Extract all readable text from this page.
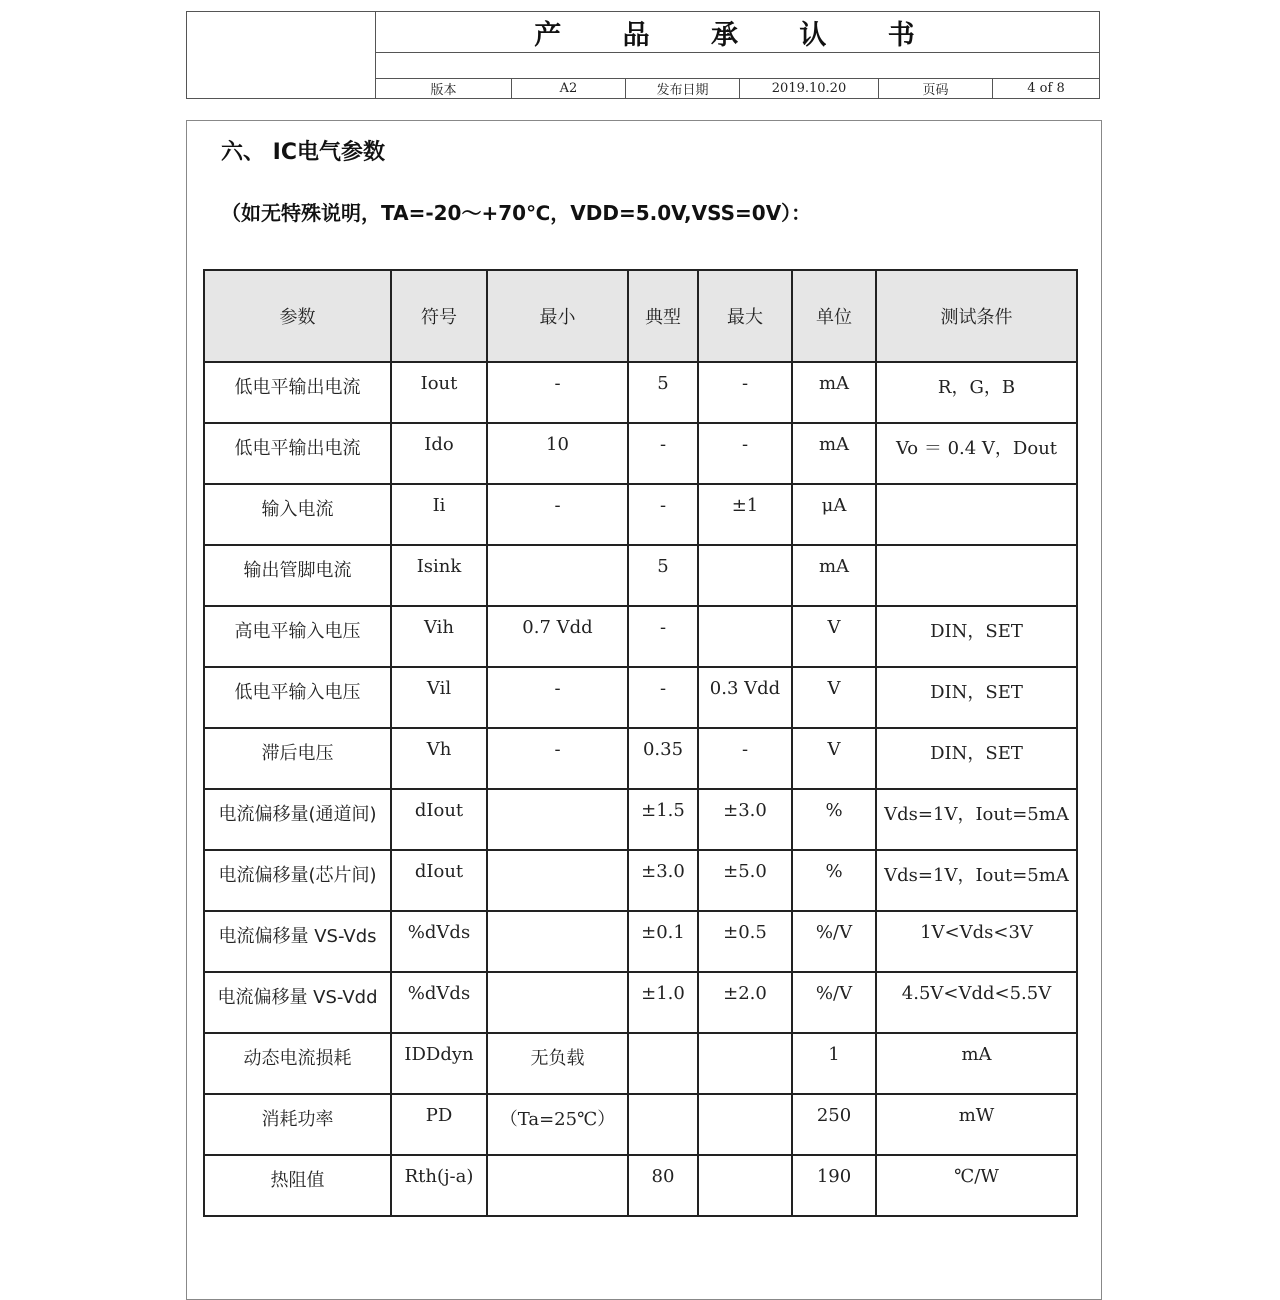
产 品 承 认 书
版本	A2	发布日期	2019.10.20	页码	4 of 8
六、 IC电气参数
（如无特殊说明，TA=-20～+70℃，VDD=5.0V,VSS=0V）：
参数	符号	最小	典型	最大	单位	测试条件
低电平输出电流	Iout	-	5	-	mA	R，G，B
低电平输出电流	Ido	10	-	-	mA	Vo ＝ 0.4 V，Dout
输入电流	Ii	-	-	±1	μA	
输出管脚电流	Isink		5		mA	
高电平输入电压	Vih	0.7 Vdd	-		V	DIN，SET
低电平输入电压	Vil	-	-	0.3 Vdd	V	DIN，SET
滞后电压	Vh	-	0.35	-	V	DIN，SET
电流偏移量(通道间)	dIout		±1.5	±3.0	%	Vds=1V，Iout=5mA
电流偏移量(芯片间)	dIout		±3.0	±5.0	%	Vds=1V，Iout=5mA
电流偏移量 VS-Vds	%dVds		±0.1	±0.5	%/V	1V<Vds<3V
电流偏移量 VS-Vdd	%dVds		±1.0	±2.0	%/V	4.5V<Vdd<5.5V
动态电流损耗	IDDdyn	无负载			1	mA
消耗功率	PD	（Ta=25℃）			250	mW
热阻值	Rth(j-a)		80		190	℃/W
